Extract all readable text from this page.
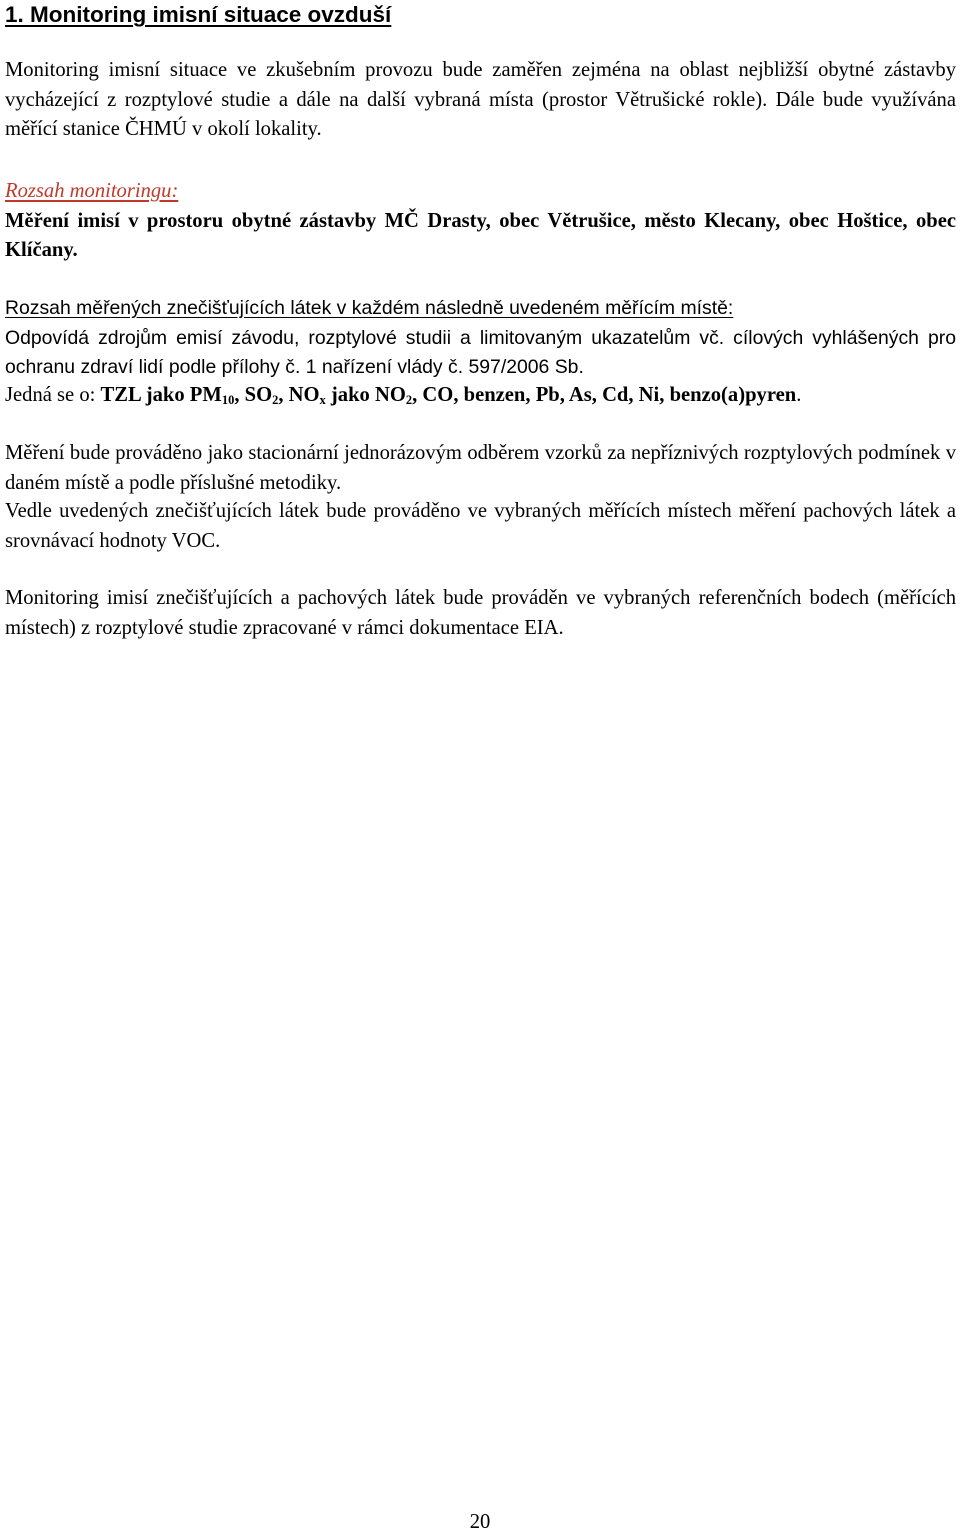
1. Monitoring imisní situace ovzduší

Monitoring imisní situace ve zkušebním provozu bude zaměřen zejména na oblast nejbližší obytné zástavby vycházející z rozptylové studie a dále na další vybraná místa (prostor Větrušické rokle). Dále bude využívána měřící stanice ČHMÚ v okolí lokality.

Rozsah monitoringu:
Měření imisí v prostoru obytné zástavby MČ Drasty, obec Větrušice, město Klecany, obec Hoštice, obec Klíčany.
Rozsah měřených znečišťujících látek v každém následně uvedeném měřícím místě:
Odpovídá zdrojům emisí závodu, rozptylové studii a limitovaným ukazatelům vč. cílových vyhlášených pro ochranu zdraví lidí podle přílohy č. 1 nařízení vlády č. 597/2006 Sb.

Jedná se o: TZL jako $PM_{10}$, $SO_2$, $NO_x$ jako $NO_2$, CO, benzen, Pb, As, Cd, Ni, benzo(a)pyren.

Měření bude prováděno jako stacionární jednorázovým odběrem vzorků za nepříznivých rozptylových podmínek v daném místě a podle příslušné metodiky.

Vedle uvedených znečišťujících látek bude prováděno ve vybraných měřících místech měření pachových látek a srovnávací hodnoty VOC.

Monitoring imisí znečišťujících a pachových látek bude prováděn ve vybraných referenčních bodech (měřících místech) z rozptylové studie zpracované v rámci dokumentace EIA.

20
